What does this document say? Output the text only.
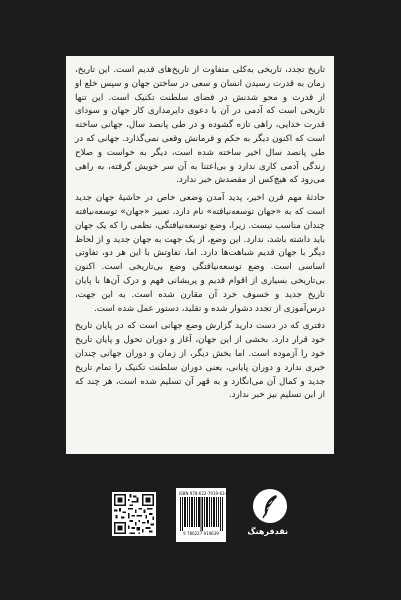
تاریخ تجدد، تاریخی به‌کلی متفاوت از تاریخ‌های قدیم است. این تاریخ، زمان به قدرت رسیدن انسان و سعی در ساختن جهان و سپس خلع او از قدرت و محو شدنش در فضای سلطنت تکنیک است. این تنها تاریخی است که آدمی در آن با دعوی دایرمداری کار جهان و سودای قدرت خدایی، راهی تازه گشوده و در طی پانصد سال، جهانی ساخته است که اکنون دیگر به حکم و فرمانش وقعی نمی‌گذارد. جهانی که در طی پانصد سال اخیر ساخته شده است، دیگر به خواست و صلاح زندگی آدمی کاری ندارد و بی‌اعتنا به آن سر خویش گرفته، به راهی می‌رود که هیچ‌کس از مقصدش خبر ندارد.

حادثهٔ مهم قرن اخیر، پدید آمدن وضعی خاص در حاشیهٔ جهان جدید است که به «جهان توسعه‌نیافته» نام دارد. تعبیر «جهان» توسعه‌نیافته چندان مناسب نیست. زیرا، وضع توسعه‌نیافتگی، نظمی را که یک جهان باید داشته باشد، ندارد. این وضع، از یک جهت به جهان جدید و از لحاظ دیگر با جهان قدیم شباهت‌ها دارد. اما، تفاوتش با این هر دو، تفاوتی اساسی است. وضع توسعه‌نیافتگی وضع بی‌تاریخی است. اکنون بی‌تاریخی بسیاری از اقوام قدیم و پریشانی فهم و درک آن‌ها با پایان تاریخ جدید و خسوف خرد آن مقارن شده است. به این جهت، درس‌آموزی از تجدد دشوار شده و تقلید، دستور عمل شده است.

دفتری که در دست دارید گزارش وضع جهانی است که در پایان تاریخ خود قرار دارد. بخشی از این جهان، آغاز و دوران تحول و پایان تاریخ خود را آزموده است. اما بخش دیگر، از زمان و دوران جهانی چندان خبری ندارد و دوران پایانی، یعنی دوران سلطنت تکنیک را تمام تاریخ جدید و کمال آن می‌انگارد و به قهر آن تسلیم شده است، هر چند که از این تسلیم نیز خبر ندارد.

ISBN 978-622-7919-63-9
9 786227 919639	نقدفرهنگ
